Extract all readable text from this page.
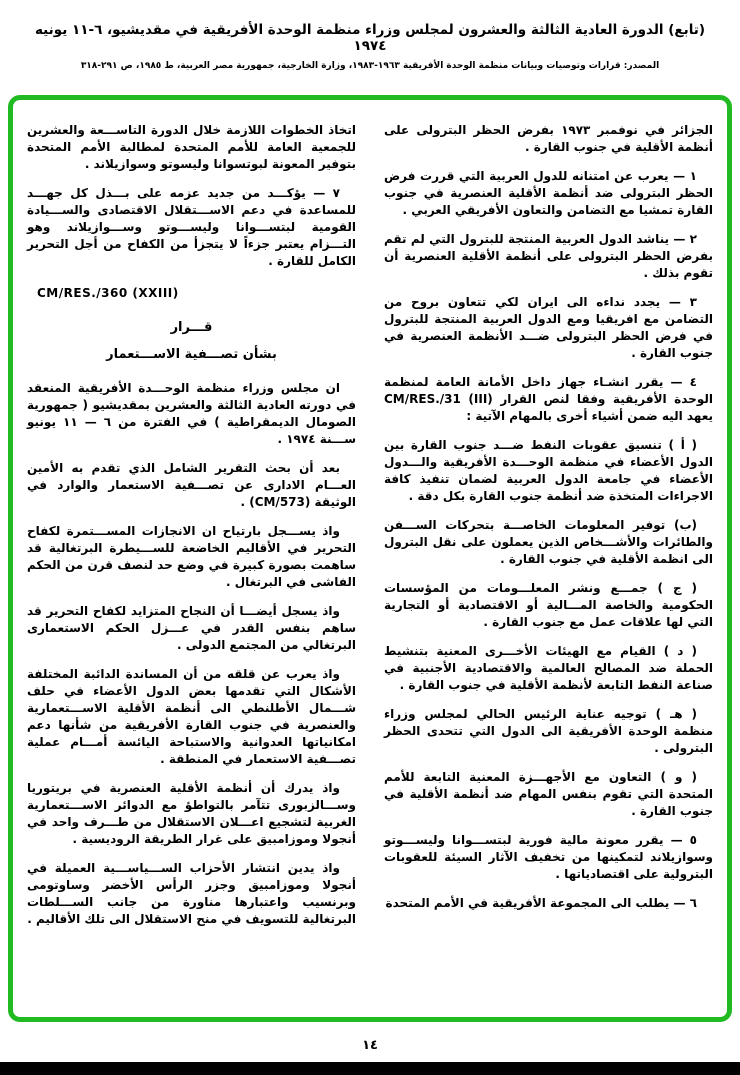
(تابع) الدورة العادية الثالثة والعشرون لمجلس وزراء منظمة الوحدة الأفريقية في مقديشيو، ٦-١١ يونيه ١٩٧٤
المصدر: قرارات وتوصيات وبيانات منظمة الوحدة الأفريقية ١٩٦٣-١٩٨٣، وزارة الخارجية، جمهورية مصر العربية، ط ١٩٨٥، ص ٢٩١-٣١٨

الجزائر في نوفمبر ١٩٧٣ بفرض الحظر البترولى على أنظمة الأقلية في جنوب القارة .

١ — يعرب عن امتنانه للدول العربية التي قررت فرض الحظر البترولى ضد أنظمة الأقلية العنصرية في جنوب القارة تمشيا مع التضامن والتعاون الأفريقي العربي .

٢ — يناشد الدول العربية المنتجة للبترول التي لم تقم بفرض الحظر البترولى على أنظمة الأقلية العنصرية أن تقوم بذلك .

٣ — يجدد نداءه الى ايران لكي تتعاون بروح من التضامن مع افريقيا ومع الدول العربية المنتجة للبترول في فرض الحظر البترولى ضـــد الأنظمة العنصرية في جنوب القارة .

٤ — يقرر انشـاء جهاز داخل الأمانة العامة لمنظمة الوحدة الأفريقية وفقا لنص القرار CM/RES./31 (III) يعهد اليه ضمن أشياء أخرى بالمهام الآتية :

( أ ) تنسيق عقوبات النفط ضـــد جنوب القارة بين الدول الأعضاء في منظمة الوحـــدة الأفريقية والـــدول الأعضاء في جامعة الدول العربية لضمان تنفيذ كافة الاجراءات المتخذة ضد أنظمة جنوب القارة بكل دقة .

(ب) توفير المعلومات الخاصـــة بتحركات الســـفن والطائرات والأشـــخاص الذين يعملون على نقل البترول الى انظمة الأقلية في جنوب القارة .

( ج ) جمـــع ونشر المعلـــومات من المؤسسات الحكومية والخاصة المـــالية أو الاقتصادية أو التجارية التي لها علاقات عمل مع جنوب القارة .

( د ) القيام مع الهيئات الأخـــرى المعنية بتنشيط الحملة ضد المصالح العالمية والاقتصادية الأجنبية في صناعة النفط التابعة لأنظمة الأقلية في جنوب القارة .

( هـ ) توجيه عناية الرئيس الحالي لمجلس وزراء منظمة الوحدة الأفريقية الى الدول التي تتحدى الحظر البترولى .

( و ) التعاون مع الأجهـــزة المعنية التابعة للأمم المتحدة التي تقوم بنفس المهام ضد أنظمة الأقلية في جنوب القارة .

٥ — يقرر معونة مالية فورية لبتســـوانا وليســـوتو وسوازيلاند لتمكينها من تخفيف الآثار السيئة للعقوبات البترولية على اقتصادياتها .

٦ — يطلب الى المجموعة الأفريقية في الأمم المتحدة

اتخاذ الخطوات اللازمة خلال الدورة التاســـعة والعشرين للجمعية العامة للأمم المتحدة لمطالبة الأمم المتحدة بتوفير المعونة لبوتسوانا وليسوتو وسوازيلاند .

٧ — يؤكـــد من جديد عزمه على بـــذل كل جهـــد للمساعدة في دعم الاســـتقلال الاقتصادى والســـيادة القومية لبتســـوانا وليســـوتو وســـوازيلاند وهو التـــزام يعتبر جزءاً لا يتجزأ من الكفاح من أجل التحرير الكامل للقارة .

CM/RES./360 (XXIII)
قـــرار
بشأن تصـــفية الاســـتعمار

ان مجلس وزراء منظمة الوحـــدة الأفريقية المنعقد في دورته العادية الثالثة والعشرين بمقديشيو ( جمهورية الصومال الديمقراطية ) في الفترة من ٦ — ١١ يونيو ســـنة ١٩٧٤ .

بعد أن بحث التقرير الشامل الذي تقدم به الأمين العـــام الادارى عن تصـــفية الاستعمار والوارد في الوثيقة (CM/573) .

واذ يســـجل بارتياح ان الانجازات المســـتمرة لكفاح التحرير في الأقاليم الخاضعة للســـيطرة البرتغالية قد ساهمت بصورة كبيرة في وضع حد لنصف قرن من الحكم الفاشى في البرتغال .

واذ يسجل أيضـــا أن النجاح المتزايد لكفاح التحرير قد ساهم بنفس القدر في عـــزل الحكم الاستعمارى البرتغالي من المجتمع الدولى .

واذ يعرب عن قلقه من أن المساندة الدائبة المختلفة الأشكال التي تقدمها بعض الدول الأعضاء في حلف شـــمال الأطلنطي الى أنظمة الأقلية الاســـتعمارية والعنصرية في جنوب القارة الأفريقية من شأنها دعم امكانياتها العدوانية والاستباحة اليائسة أمـــام عملية تصـــفية الاستعمار في المنطقة .

واذ يدرك أن أنظمة الأقلية العنصرية في بريتوريا وســـالزبورى تتآمر بالتواطؤ مع الدوائر الاســـتعمارية الغربية لتشجيع اعـــلان الاستقلال من طـــرف واحد في أنجولا وموزامبيق على غرار الطريقة الروديسية .

واذ يدين انتشار الأحزاب الســـياســـية العميلة في أنجولا وموزامبيق وجزر الرأس الأخضر وساوتومى وبرنسيب واعتبارها مناورة من جانب الســـلطات البرتغالية للتسويف في منح الاستقلال الى تلك الأقاليم .

١٤
